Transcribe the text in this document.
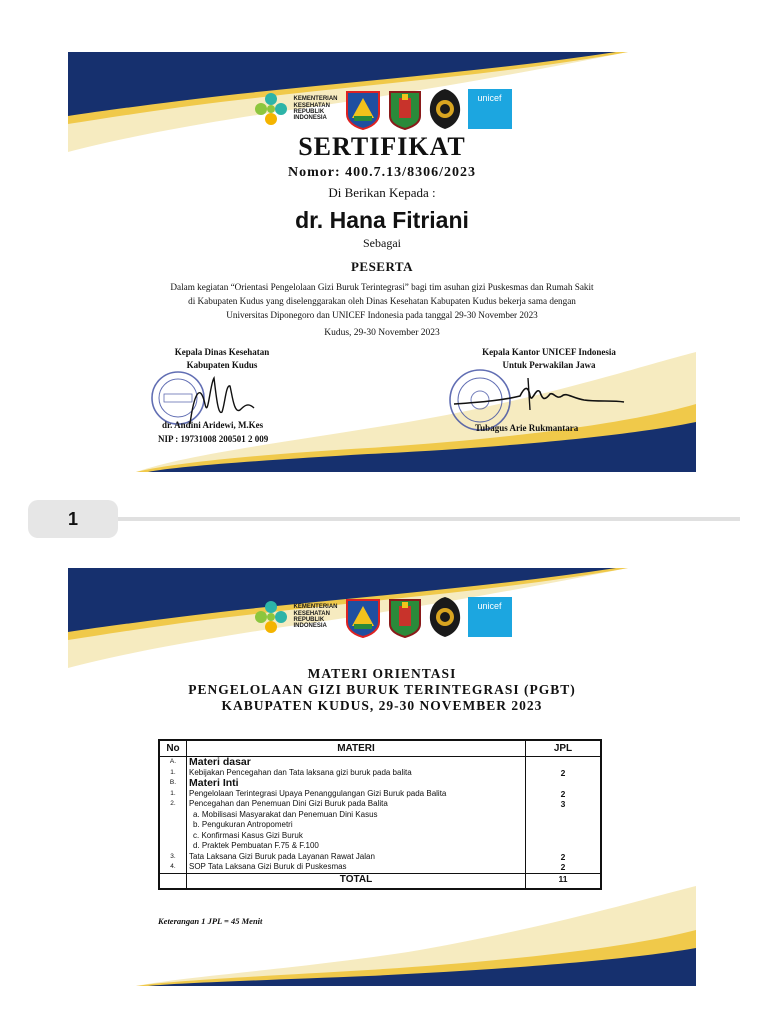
KEMENTERIAN
KESEHATAN
REPUBLIK
INDONESIA
unicef
SERTIFIKAT
Nomor: 400.7.13/8306/2023
Di Berikan Kepada :
dr. Hana Fitriani
Sebagai
PESERTA
Dalam kegiatan “Orientasi Pengelolaan Gizi Buruk Terintegrasi” bagi tim asuhan gizi Puskesmas dan Rumah Sakit
di Kabupaten Kudus yang diselenggarakan oleh Dinas Kesehatan Kabupaten Kudus bekerja sama dengan
Universitas Diponegoro dan UNICEF Indonesia pada tanggal 29-30 November 2023
Kudus, 29-30 November 2023
Kepala Dinas Kesehatan
Kabupaten Kudus
dr. Andini Aridewi, M.Kes
NIP : 19731008 200501 2 009
Kepala Kantor UNICEF Indonesia
Untuk Perwakilan Jawa
Tubagus Arie Rukmantara
1
KEMENTERIAN
KESEHATAN
REPUBLIK
INDONESIA
unicef
MATERI ORIENTASI
PENGELOLAAN GIZI BURUK TERINTEGRASI (PGBT)
KABUPATEN KUDUS, 29-30 NOVEMBER 2023
No	MATERI	JPL
A.	Materi dasar	
1.	Kebijakan Pencegahan dan Tata laksana gizi buruk pada balita	2
B.	Materi Inti	
1.	Pengelolaan Terintegrasi Upaya Penanggulangan Gizi Buruk pada Balita	2
2.	Pencegahan dan Penemuan Dini Gizi Buruk pada Balita	3
	a. Mobilisasi Masyarakat dan Penemuan Dini Kasus	
	b. Pengukuran Antropometri	
	c. Konfirmasi Kasus Gizi Buruk	
	d. Praktek Pembuatan F.75 & F.100	
3.	Tata Laksana Gizi Buruk pada Layanan Rawat Jalan	2
4.	SOP Tata Laksana Gizi Buruk di Puskesmas	2
	TOTAL	11
Keterangan 1 JPL = 45 Menit
